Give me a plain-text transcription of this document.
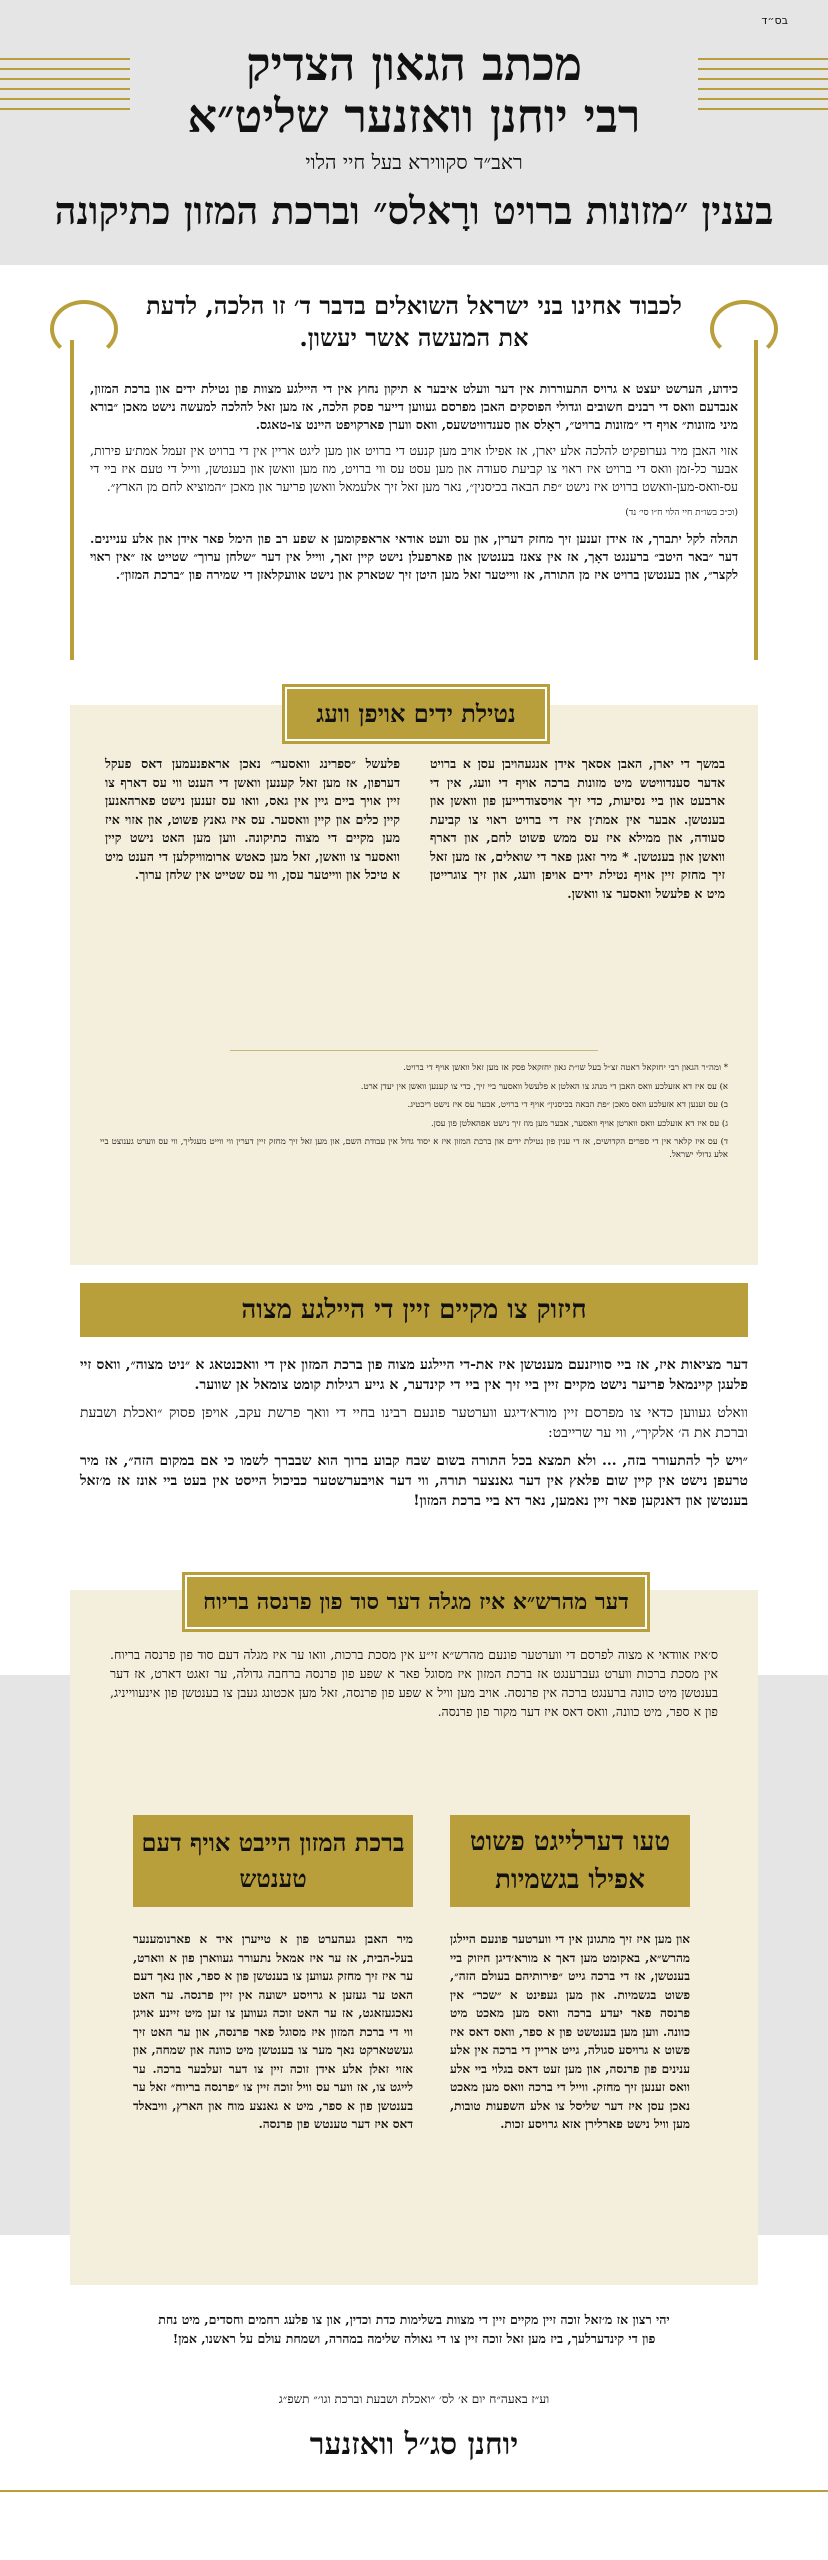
בס״ד
מכתב הגאון הצדיק
רבי יוחנן וואזנער שליט״א
ראב״ד סקווירא בעל חיי הלוי
בענין ״מזונות ברויט ורָאלס״ וברכת המזון כתיקונה
לכבוד אחינו בני ישראל השואלים בדבר ד׳ זו הלכה, לדעת את המעשה אשר יעשון.

כידוע, הערשט יעצט א גרויס התעוררות אין דער וועלט איבער א תיקון נחוץ אין די היילגע מצוות פון נטילת ידים און ברכת המזון, אנבדעם וואס די רבנים חשובים וגדולי הפוסקים האבן מפרסם געווען דייער פסק הלכה, אז מען זאל להלכה למעשה נישט מאכן ״בורא מיני מזונות״ אויף די ״מזונות ברויט״, ראָלס און סענדוויטשעס, וואס ווערן פארקויפט היינט צו-טאגס.

אזוי האבן מיר גערופקיט להלכה אלע יארן, אז אפילו אויב מען קנעט די ברויט און מען ליגט אריין אין די ברויט אין זעמל אמת׳ע פירות, אבער כל-זמן וואס די ברויט איז ראוי צו קביעת סעודה און מען עסט עס ווי ברויט, מוז מען וואשן און בענטשן, ווייל די טעם איז ביי די עס-וואס-מען-וואשט ברויט איז נישט ״פת הבאה בכיסנין״, נאר מען זאל זיך אלעמאל וואשן פריער און מאכן ״המוציא לחם מן הארץ״.

(וכ״כ בשו״ת חיי הלוי ח״ו סי׳ נד)

תהלה לקל יתברך, אז אידן זענען זיך מחזק דערין, און עס וועט אודאי אראפקומען א שפע רב פון הימל פאר אידן און אלע עניינים. דער ״באר היטב״ ברענגט דאָך, אז אין צאנז בענטשן און פארפעלן נישט קיין זאך, ווייל אין דער ״שלחן ערוך״ שטייט אז ״אין ראוי לקצר״, און בענטשן ברויט איז מן התורה, אז ווייטער זאל מען היטן זיך שטארק און נישט אוועקלאזן די שמירה פון ״ברכת המזון״.

נטילת ידים אויפן וועג
במשך די יארן, האבן אסאך אידן אנגעהויבן עסן א ברויט אדער סענדוויטש מיט מזונות ברכה אויף די וועג, אין די ארבעט און ביי נסיעות, כדי זיך אויסצודרייען פון וואשן און בענטשן. אבער אין אמת׳ן איז די ברויט ראוי צו קביעת סעודה, און ממילא איז עס ממש פשוט לחם, און דארף וואשן און בענטשן. * מיר זאגן פאר די שואלים, אז מען זאל זיך מחזק זיין אויף נטילת ידים אויפן וועג, און זיך צוגרייטן מיט א פלעשל וואסער צו וואשן.
פלעשל ״ספרינג וואסער״ נאכן אראפנעמען דאס פעקל דערפון, אז מען זאל קענען וואשן די הענט ווי עס דארף צו זיין אויך ביים גיין אין גאס, וואו עס זענען נישט פארהאנען קיין כלים און קיין וואסער. עס איז גאנץ פשוט, און אזוי איז מען מקיים די מצוה כתיקונה. ווען מען האט נישט קיין וואסער צו וואשן, זאל מען כאטש ארומוויקלען די הענט מיט א טיכל און ווייטער עסן, ווי עס שטייט אין שלחן ערוך.
* ומה״ר הגאון רבי יחזקאל ראטה זצ״ל בעל שו״ת גאון יחזקאל פסק אז מען זאל וואשן אויף די ברויט.
א) עס איז דא אזעלכע וואס האבן די מנהג צו האלטן א פלעשל וואסער ביי זיך, כדי צו קענען וואשן אין יעדן ארט.
ב) עס זענען דא אזעלכע וואס מאכן ״פת הבאה בכיסנין״ אויף די ברויט, אבער עס איז נישט ריכטיג.
ג) עס איז דא אזעלכע וואס ווארטן אויף וואסער, אבער מען מוז זיך נישט אפהאלטן פון עסן.
ד) עס איז קלאר אין די ספרים הקדושים, אז די ענין פון נטילת ידים און ברכת המזון איז א יסוד גדול אין עבודת השם, און מען זאל זיך מחזק זיין דערין ווי ווייט מעגליך, ווי עס ווערט גענוצט ביי אלע גדולי ישראל.
חיזוק צו מקיים זיין די היילגע מצוה

דער מציאות איז, אז ביי סוויזנעם מענטשן איז את-די היילגע מצוה פון ברכת המזון אין די וואכנטאג א ״ניט מצוה״, וואס זיי פלעגן קיינמאל פריער נישט מקיים זיין ביי זיך אין ביי די קינדער, א גייע רגילות קומט צומאל אן שווער.

וואלט געווען כדאי צו מפרסם זיין מורא׳דיגע ווערטער פונעם רבינו בחיי די וואך פרשת עקב, אויפן פסוק ״ואכלת ושבעת וברכת את ה׳ אלקיך״, ווי ער שרייבט:

״ויש לך להתעורר בזה, ... ולא תמצא בכל התורה בשום שבח קבוע ברוך הוא שבברך לשמו כי אם במקום הזה״, אז מיר טרעפן נישט אין קיין שום פלאץ אין דער גאנצער תורה, ווי דער אויבערשטער כביכול הייסט אין בעט ביי אונז אז מ׳זאל בענטשן און דאנקען פאר זיין נאמען, נאר דא ביי ברכת המזון!

דער מהרש״א איז מגלה דער סוד פון פרנסה בריוח
ס׳איז אוודאי א מצוה לפרסם די ווערטער פונעם מהרש״א זי״ע אין מסכת ברכות, וואו ער איז מגלה דעם סוד פון פרנסה בריוח. אין מסכת ברכות ווערט געברענגט אז ברכת המזון איז מסוגל פאר א שפע פון פרנסה ברחבה גדולה, ער זאגט דארט, אז דער בענטשן מיט כוונה ברענגט ברכה אין פרנסה. אויב מען וויל א שפע פון פרנסה, זאל מען אכטונג געבן צו בענטשן פון אינעווייניג, פון א ספר, מיט כוונה, וואס דאס איז דער מקור פון פרנסה.
טעו דערלייגט פשוט אפילו בגשמיות
ברכת המזון הייבט אויף דעם טענטש
און מען איז זיך מתגונן אין די ווערטער פונעם היילגן מהרש״א, באקומט מען דאך א מורא׳דיגן חיזוק ביי בענטשן, אז די ברכה גייט ״פירותיהם בעולם הזה״, פשוט בגשמיות. און מען געפינט א ״שכר״ אין פרנסה פאר יעדע ברכה וואס מען מאכט מיט כוונה. ווען מען בענטשט פון א ספר, וואס דאס איז פשוט א גרויסע סגולה, גייט אריין די ברכה אין אלע ענינים פון פרנסה, און מען זעט דאס בגלוי ביי אלע וואס זענען זיך מחזק. ווייל די ברכה וואס מען מאכט נאכן עסן איז דער שליסל צו אלע השפעות טובות, מען וויל נישט פארלירן אזא גרויסע זכות.
מיר האבן געהערט פון א טייערן איד א פארנומענער בעל-הבית, אז ער איז אמאל נתעורר געווארן פון א ווארט, ער איז זיך מחזק געווען צו בענטשן פון א ספר, און נאך דעם האט ער געזען א גרויסע ישועה אין זיין פרנסה. ער האט נאכגעזאגט, אז ער האט זוכה געווען צו זען מיט זיינע אויגן ווי די ברכת המזון איז מסוגל פאר פרנסה, און ער האט זיך געשטארקט נאך מער צו בענטשן מיט כוונה און שמחה, און אזוי זאלן אלע אידן זוכה זיין צו דער זעלבער ברכה. ער לייגט צו, אז ווער עס וויל זוכה זיין צו ״פרנסה בריוח״ זאל ער בענטשן פון א ספר, מיט א גאנצע מוח און הארץ, וויבאלד דאס איז דער טענטש פון פרנסה.
יהי רצון אז מ׳זאל זוכה זיין מקיים זיין די מצוות בשלימות כדת וכדין, און צו פלעג רחמים וחסדים, מיט נחת פון די קינדערלעך, ביז מען זאל זוכה זיין צו די גאולה שלימה במהרה, ושמחת עולם על ראשנו, אמן!
וע״ז באעה״ח יום א׳ לס׳ ״ואכלת ושבעת וברכת וגו׳״ תשפ״ג
יוחנן סג״ל וואזנער
